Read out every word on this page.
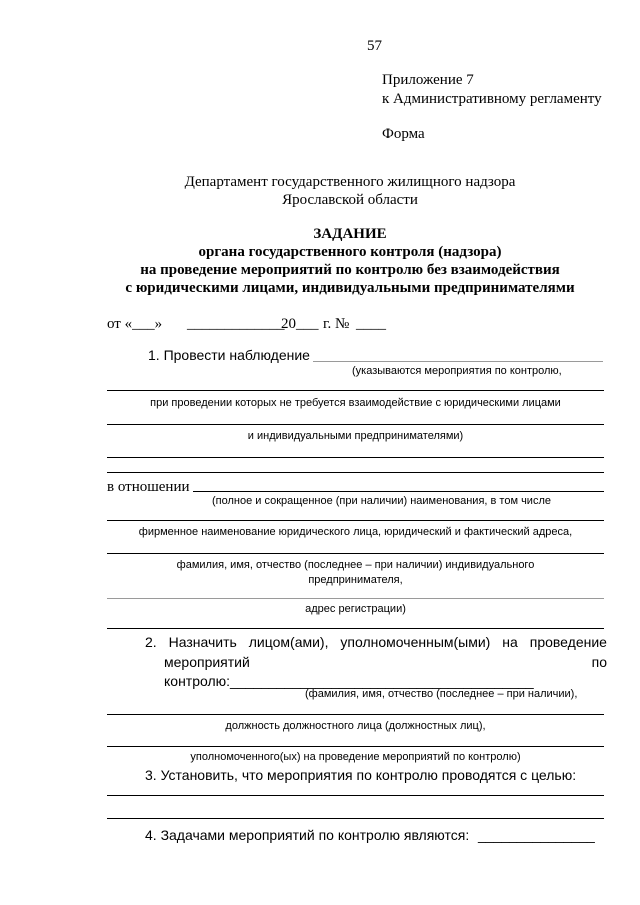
57
Приложение 7
к Административному регламенту
Форма
Департамент государственного жилищного надзора
Ярославской области
ЗАДАНИЕ
органа государственного контроля (надзора)
на проведение мероприятий по контролю без взаимодействия
с юридическими лицами, индивидуальными предпринимателями
от «___» _____________
20___ г. № ____
1. Провести наблюдение
(указываются мероприятия по контролю,
при проведении которых не требуется взаимодействие с юридическими лицами
и индивидуальными предпринимателями)
в отношении
(полное и сокращенное (при наличии) наименования, в том числе
фирменное наименование юридического лица, юридический и фактический адреса,
фамилия, имя, отчество (последнее – при наличии) индивидуального
предпринимателя,
адрес регистрации)
2. Назначить лицом(ами), уполномоченным(ыми) на проведение
мероприятий	по
контролю:_______________________________________
(фамилия, имя, отчество (последнее – при наличии),
должность должностного лица (должностных лиц),
уполномоченного(ых) на проведение мероприятий по контролю)
3. Установить, что мероприятия по контролю проводятся с целью:
4. Задачами мероприятий по контролю являются: _______________
